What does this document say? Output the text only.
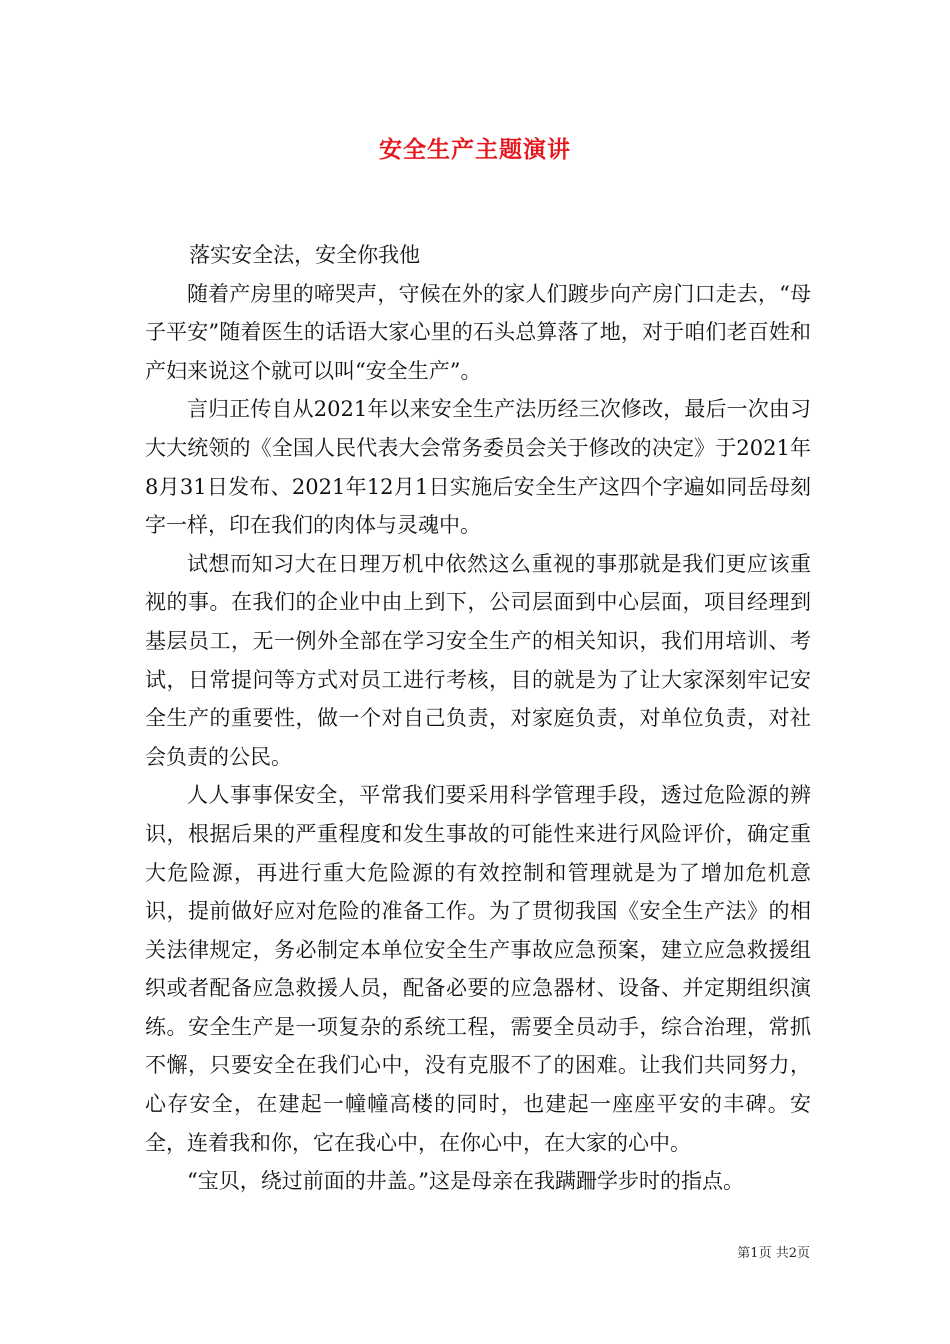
安全生产主题演讲

落实安全法，安全你我他

随着产房里的啼哭声，守候在外的家人们踱步向产房门口走去，“母子平安”随着医生的话语大家心里的石头总算落了地，对于咱们老百姓和产妇来说这个就可以叫“安全生产”。

言归正传自从2021年以来安全生产法历经三次修改，最后一次由习大大统领的《全国人民代表大会常务委员会关于修改的决定》于2021年8月31日发布、2021年12月1日实施后安全生产这四个字遍如同岳母刻字一样，印在我们的肉体与灵魂中。

试想而知习大在日理万机中依然这么重视的事那就是我们更应该重视的事。在我们的企业中由上到下，公司层面到中心层面，项目经理到基层员工，无一例外全部在学习安全生产的相关知识，我们用培训、考试，日常提问等方式对员工进行考核，目的就是为了让大家深刻牢记安全生产的重要性，做一个对自己负责，对家庭负责，对单位负责，对社会负责的公民。

人人事事保安全，平常我们要采用科学管理手段，透过危险源的辨识，根据后果的严重程度和发生事故的可能性来进行风险评价，确定重大危险源，再进行重大危险源的有效控制和管理就是为了增加危机意识，提前做好应对危险的准备工作。为了贯彻我国《安全生产法》的相关法律规定，务必制定本单位安全生产事故应急预案，建立应急救援组织或者配备应急救援人员，配备必要的应急器材、设备、并定期组织演练。安全生产是一项复杂的系统工程，需要全员动手，综合治理，常抓不懈，只要安全在我们心中，没有克服不了的困难。让我们共同努力，心存安全，在建起一幢幢高楼的同时，也建起一座座平安的丰碑。安全，连着我和你，它在我心中，在你心中，在大家的心中。

“宝贝，绕过前面的井盖。”这是母亲在我蹒跚学步时的指点。

第1页 共2页
